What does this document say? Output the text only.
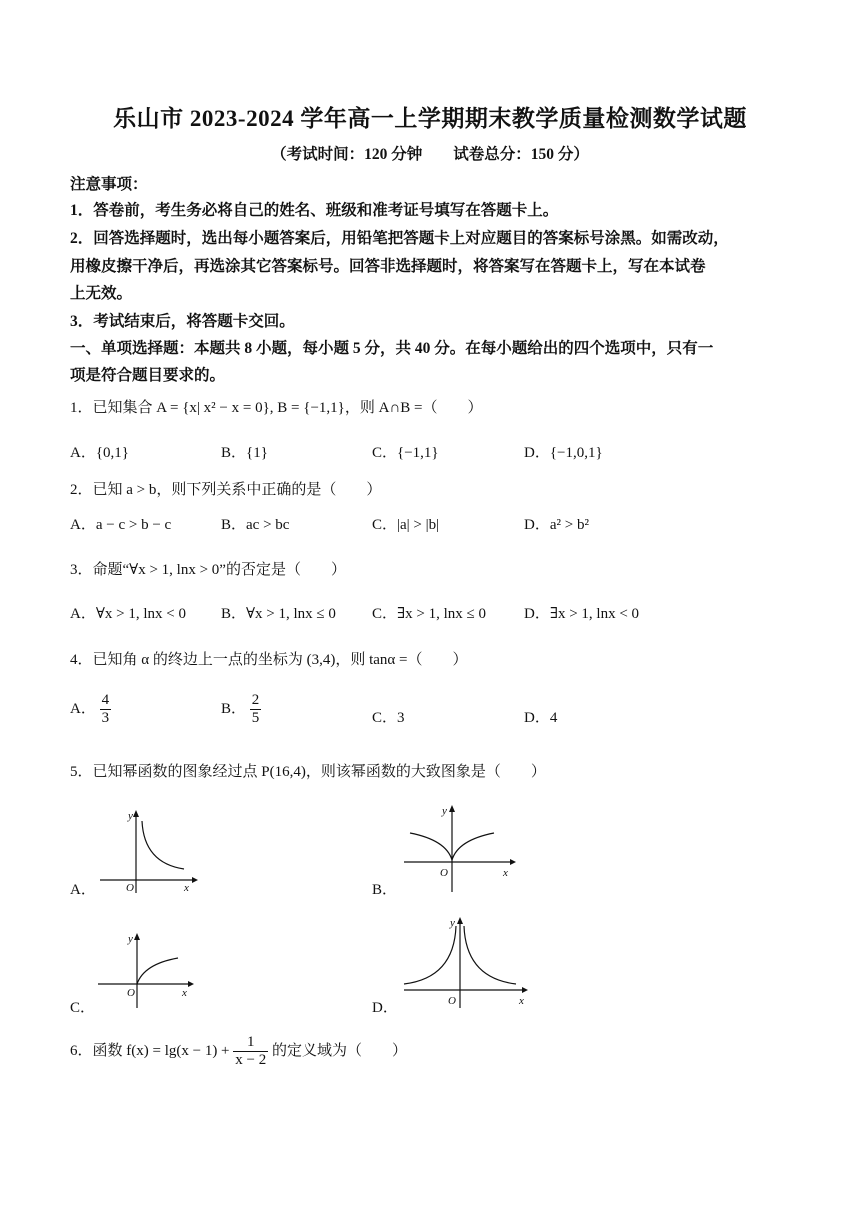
乐山市 2023-2024 学年高一上学期期末教学质量检测数学试题
（考试时间：120 分钟　　试卷总分：150 分）
注意事项：
1．答卷前，考生务必将自己的姓名、班级和准考证号填写在答题卡上。
2．回答选择题时，选出每小题答案后，用铅笔把答题卡上对应题目的答案标号涂黑。如需改动，
用橡皮擦干净后，再选涂其它答案标号。回答非选择题时，将答案写在答题卡上，写在本试卷
上无效。
3．考试结束后，将答题卡交回。
一、单项选择题：本题共 8 小题，每小题 5 分，共 40 分。在每小题给出的四个选项中，只有一
项是符合题目要求的。
1．已知集合 A = {x| x² − x = 0}, B = {−1,1}，则 A∩B =（　　）
A．{0,1}	B．{1}	C．{−1,1}	D．{−1,0,1}
2．已知 a > b，则下列关系中正确的是（　　）
A．a − c > b − c	B．ac > bc	C．|a| > |b|	D．a² > b²
3．命题“∀x > 1, lnx > 0”的否定是（　　）
A．∀x > 1, lnx < 0 B．∀x > 1, lnx ≤ 0 C．∃x > 1, lnx ≤ 0	D．∃x > 1, lnx < 0
4．已知角 α 的终边上一点的坐标为 (3,4)，则 tanα =（　　）
A． $\frac{4}{3}$	B． $\frac{2}{5}$	C．3	D．4
5．已知幂函数的图象经过点 P(16,4)，则该幂函数的大致图象是（　　）
y
O	x
A．
y
O	x
B．
y
O	x
C．
y
O	x
D．
6．函数 $f(x) = \lg(x - 1) + \frac{1}{x - 2}$ 的定义域为（　　）
